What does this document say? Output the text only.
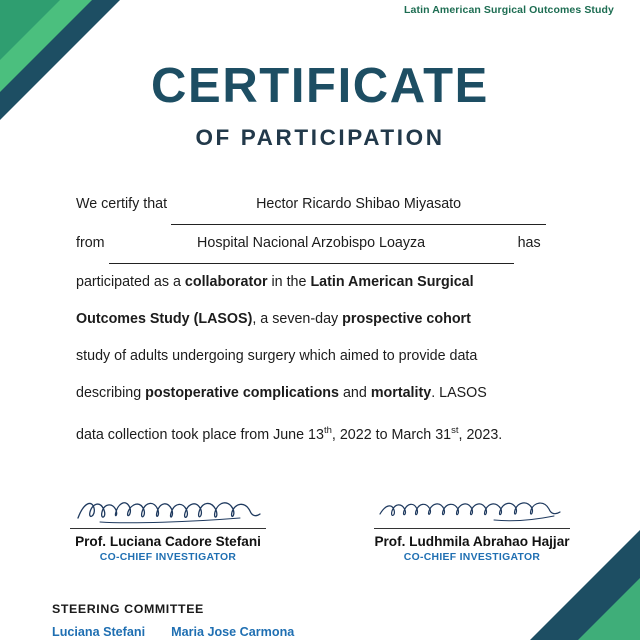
Latin American Surgical Outcomes Study
CERTIFICATE
OF PARTICIPATION
We certify that	Hector Ricardo Shibao Miyasato
from	Hospital Nacional Arzobispo Loayza	has
participated as a collaborator in the Latin American Surgical
Outcomes Study (LASOS), a seven-day prospective cohort
study of adults undergoing surgery which aimed to provide data
describing postoperative complications and mortality. LASOS
data collection took place from June 13th, 2022 to March 31st, 2023.
Prof. Luciana Cadore Stefani
CO-CHIEF INVESTIGATOR
Prof. Ludhmila Abrahao Hajjar
CO-CHIEF INVESTIGATOR
STEERING COMMITTEE
Luciana Stefani Maria Jose Carmona
